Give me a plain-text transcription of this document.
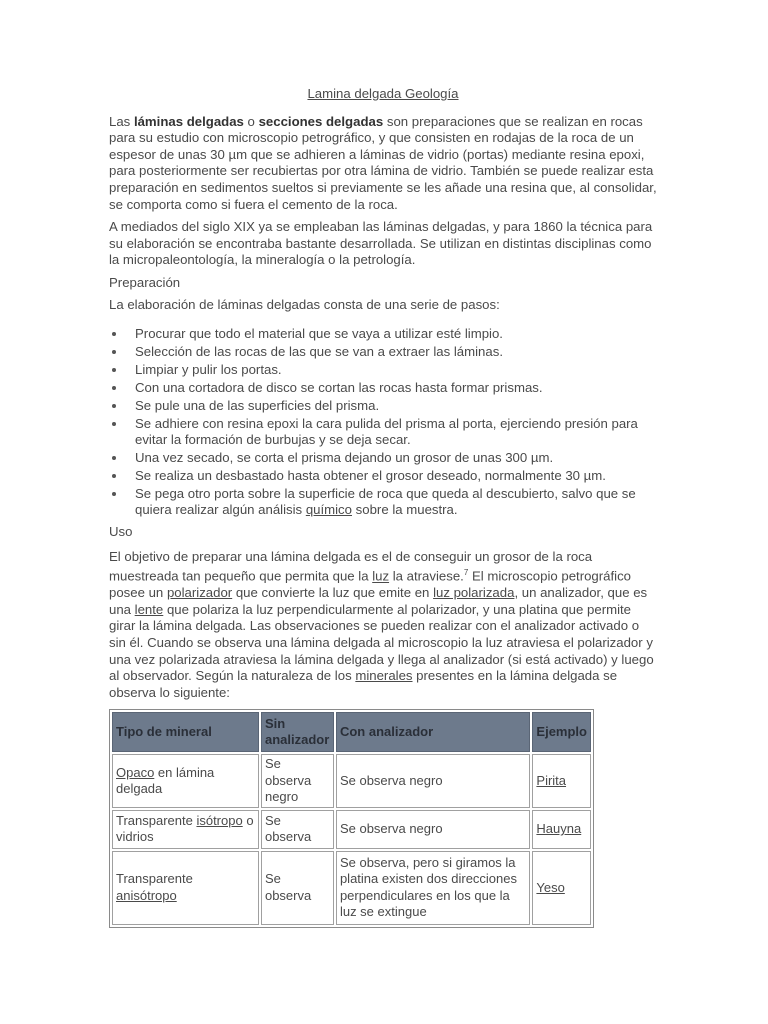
Lamina delgada Geología

Las láminas delgadas o secciones delgadas son preparaciones que se realizan en rocas para su estudio con microscopio petrográfico, y que consisten en rodajas de la roca de un espesor de unas 30 µm que se adhieren a láminas de vidrio (portas) mediante resina epoxi, para posteriormente ser recubiertas por otra lámina de vidrio. También se puede realizar esta preparación en sedimentos sueltos si previamente se les añade una resina que, al consolidar, se comporta como si fuera el cemento de la roca.

A mediados del siglo XIX ya se empleaban las láminas delgadas, y para 1860 la técnica para su elaboración se encontraba bastante desarrollada. Se utilizan en distintas disciplinas como la micropaleontología, la mineralogía o la petrología.

Preparación

La elaboración de láminas delgadas consta de una serie de pasos:

Procurar que todo el material que se vaya a utilizar esté limpio.
Selección de las rocas de las que se van a extraer las láminas.
Limpiar y pulir los portas.
Con una cortadora de disco se cortan las rocas hasta formar prismas.
Se pule una de las superficies del prisma.
Se adhiere con resina epoxi la cara pulida del prisma al porta, ejerciendo presión para evitar la formación de burbujas y se deja secar.
Una vez secado, se corta el prisma dejando un grosor de unas 300 µm.
Se realiza un desbastado hasta obtener el grosor deseado, normalmente 30 µm.
Se pega otro porta sobre la superficie de roca que queda al descubierto, salvo que se quiera realizar algún análisis químico sobre la muestra.

Uso

El objetivo de preparar una lámina delgada es el de conseguir un grosor de la roca muestreada tan pequeño que permita que la luz la atraviese.$^7$ El microscopio petrográfico posee un polarizador que convierte la luz que emite en luz polarizada, un analizador, que es una lente que polariza la luz perpendicularmente al polarizador, y una platina que permite girar la lámina delgada. Las observaciones se pueden realizar con el analizador activado o sin él. Cuando se observa una lámina delgada al microscopio la luz atraviesa el polarizador y una vez polarizada atraviesa la lámina delgada y llega al analizador (si está activado) y luego al observador. Según la naturaleza de los minerales presentes en la lámina delgada se observa lo siguiente:

Tipo de mineral	Sin analizador	Con analizador	Ejemplo
Opaco en lámina delgada	Se observa negro	Se observa negro	Pirita
Transparente isótropo o vidrios	Se observa	Se observa negro	Hauyna
Transparente anisótropo	Se observa	Se observa, pero si giramos la platina existen dos direcciones perpendiculares en los que la luz se extingue	Yeso
